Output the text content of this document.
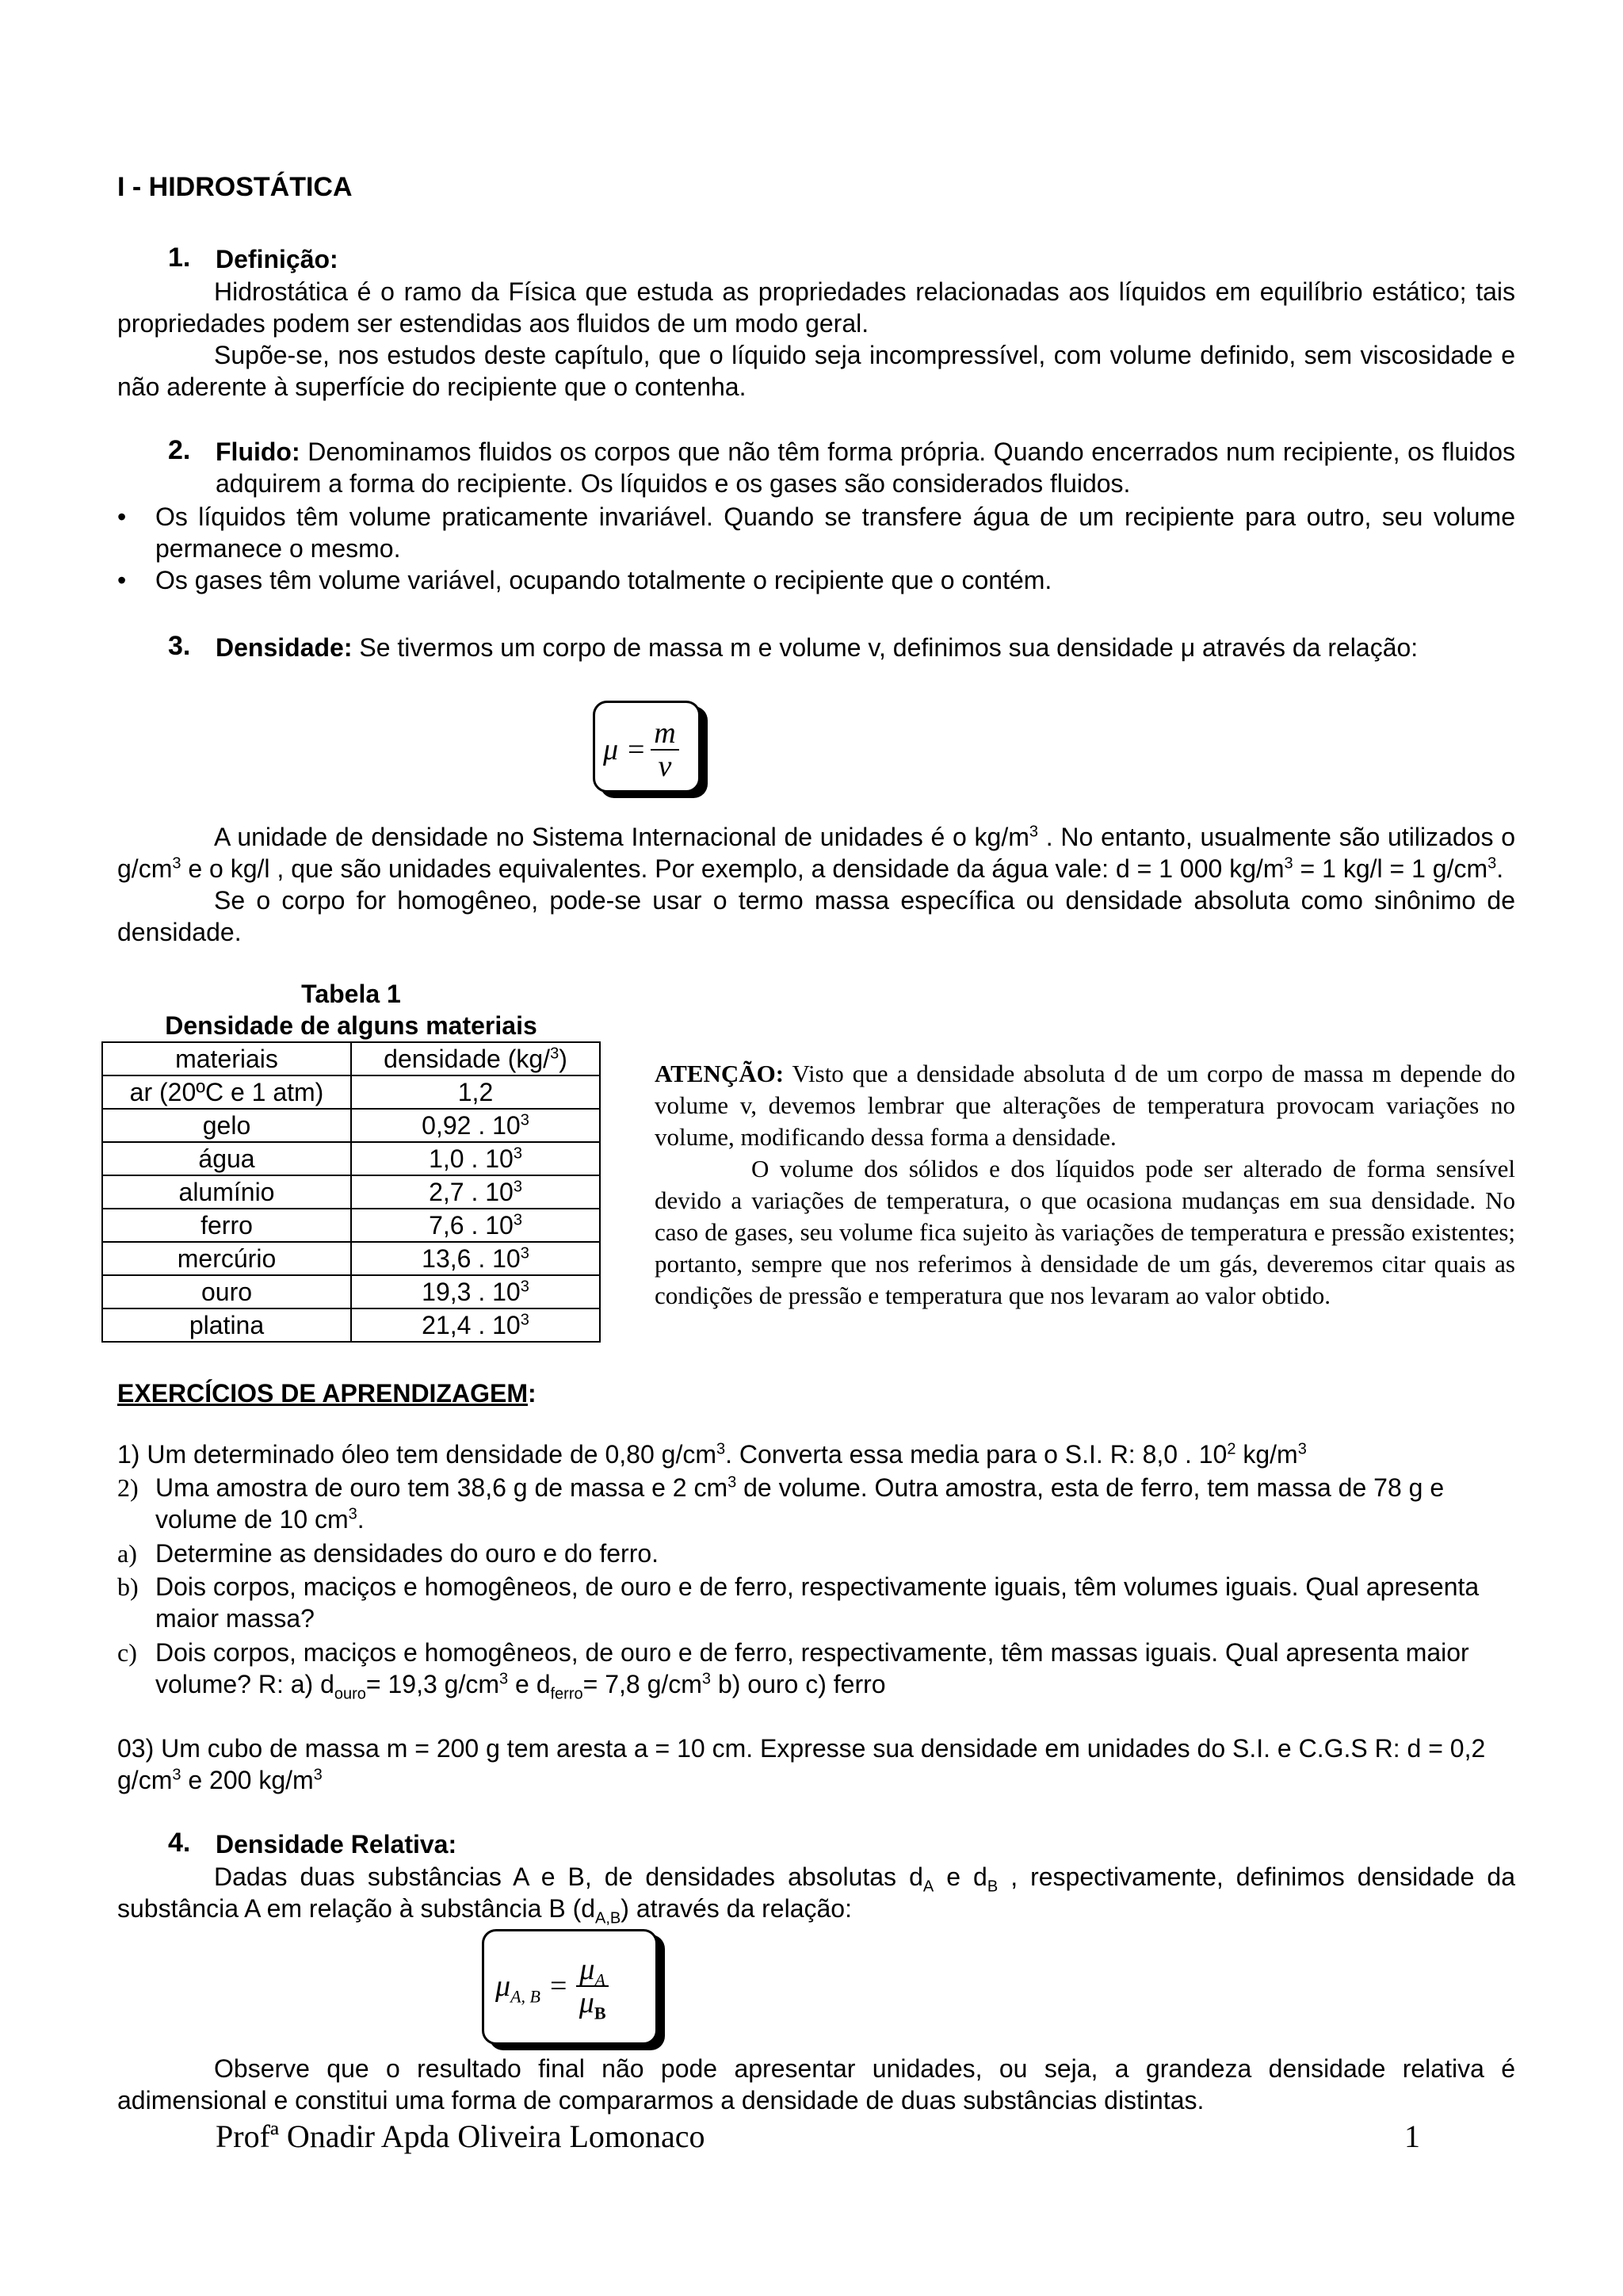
I - HIDROSTÁTICA
1. Definição:

Hidrostática é o ramo da Física que estuda as propriedades relacionadas aos líquidos em equilíbrio estático; tais propriedades podem ser estendidas aos fluidos de um modo geral.

Supõe-se, nos estudos deste capítulo, que o líquido seja incompressível, com volume definido, sem viscosidade e não aderente à superfície do recipiente que o contenha.

2. Fluido: Denominamos fluidos os corpos que não têm forma própria. Quando encerrados num recipiente, os fluidos adquirem a forma do recipiente. Os líquidos e os gases são considerados fluidos.
• Os líquidos têm volume praticamente invariável. Quando se transfere água de um recipiente para outro, seu volume permanece o mesmo.
• Os gases têm volume variável, ocupando totalmente o recipiente que o contém.
3. Densidade: Se tivermos um corpo de massa m e volume v, definimos sua densidade μ através da relação:
$\mu = \frac{m}{v}$

A unidade de densidade no Sistema Internacional de unidades é o $kg/m^3$ . No entanto, usualmente são utilizados o $g/cm^3$ e o kg/l , que são unidades equivalentes. Por exemplo, a densidade da água vale: d = 1 000 $kg/m^3 = 1$ kg/l = 1 $g/cm^3$.

Se o corpo for homogêneo, pode-se usar o termo massa específica ou densidade absoluta como sinônimo de densidade.

Tabela 1
Densidade de alguns materiais
materiais	densidade (kg/$^3$)
ar (20ºC e 1 atm)	1,2
gelo	0,92 . $10^3$
água	1,0 . $10^3$
alumínio	2,7 . $10^3$
ferro	7,6 . $10^3$
mercúrio	13,6 . $10^3$
ouro	19,3 . $10^3$
platina	21,4 . $10^3$

ATENÇÃO: Visto que a densidade absoluta d de um corpo de massa m depende do volume v, devemos lembrar que alterações de temperatura provocam variações no volume, modificando dessa forma a densidade.

O volume dos sólidos e dos líquidos pode ser alterado de forma sensível devido a variações de temperatura, o que ocasiona mudanças em sua densidade. No caso de gases, seu volume fica sujeito às variações de temperatura e pressão existentes; portanto, sempre que nos referimos à densidade de um gás, deveremos citar quais as condições de pressão e temperatura que nos levaram ao valor obtido.

EXERCÍCIOS DE APRENDIZAGEM:
1) Um determinado óleo tem densidade de 0,80 $g/cm^3$. Converta essa media para o S.I. R: 8,0 . $10^2$ $kg/m^3$
2) Uma amostra de ouro tem 38,6 g de massa e 2 $cm^3$ de volume. Outra amostra, esta de ferro, tem massa de 78 g e volume de 10 $cm^3$.
a) Determine as densidades do ouro e do ferro.
b) Dois corpos, maciços e homogêneos, de ouro e de ferro, respectivamente iguais, têm volumes iguais. Qual apresenta maior massa?
c) Dois corpos, maciços e homogêneos, de ouro e de ferro, respectivamente, têm massas iguais. Qual apresenta maior volume? R: a) $d_{ouro}= 19,3$ $g/cm^3$ e $d_{ferro}= 7,8$ $g/cm^3$ b) ouro c) ferro
03) Um cubo de massa m = 200 g tem aresta a = 10 cm. Expresse sua densidade em unidades do S.I. e C.G.S R: d = 0,2 $g/cm^3$ e 200 $kg/m^3$
4. Densidade Relativa:
Dadas duas substâncias A e B, de densidades absolutas $d_A$ e $d_B$ , respectivamente, definimos densidade da substância A em relação à substância B $(d_{A,B})$ através da relação:
$\mu_{A, B} = \frac{\mu_A}{\mu_B}$
Observe que o resultado final não pode apresentar unidades, ou seja, a grandeza densidade relativa é adimensional e constitui uma forma de compararmos a densidade de duas substâncias distintas.
Profª Onadir Apda Oliveira Lomonaco	1
